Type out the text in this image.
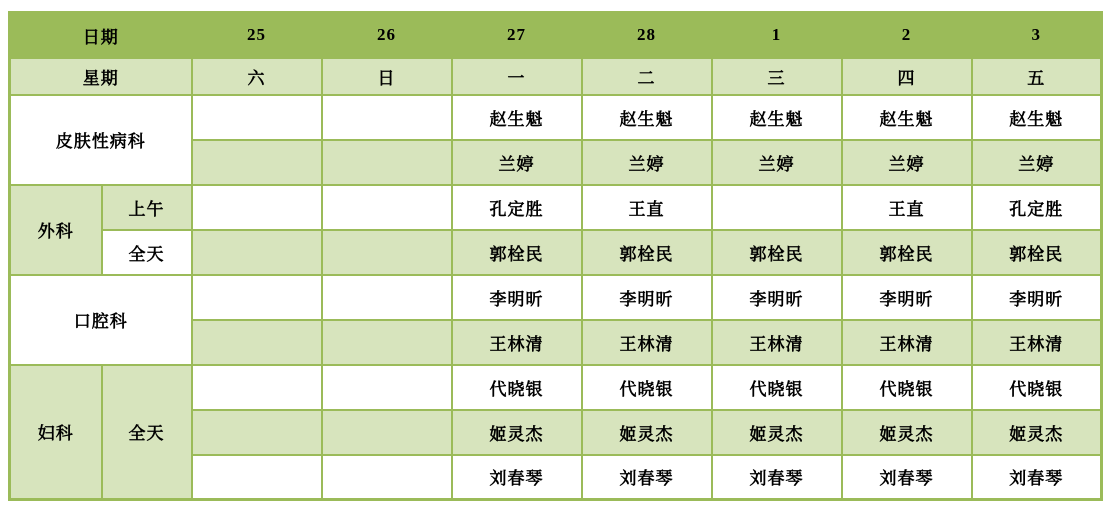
日期		25	26	27	28	1	2	3
星期		六	日	一	二	三	四	五
皮肤性病科				赵生魁	赵生魁	赵生魁	赵生魁	赵生魁
				兰婷	兰婷	兰婷	兰婷	兰婷
外科	上午			孔定胜	王直		王直	孔定胜
	全天			郭栓民	郭栓民	郭栓民	郭栓民	郭栓民
口腔科				李明昕	李明昕	李明昕	李明昕	李明昕
				王林清	王林清	王林清	王林清	王林清
妇科	全天			代晓银	代晓银	代晓银	代晓银	代晓银
				姬灵杰	姬灵杰	姬灵杰	姬灵杰	姬灵杰
				刘春琴	刘春琴	刘春琴	刘春琴	刘春琴
